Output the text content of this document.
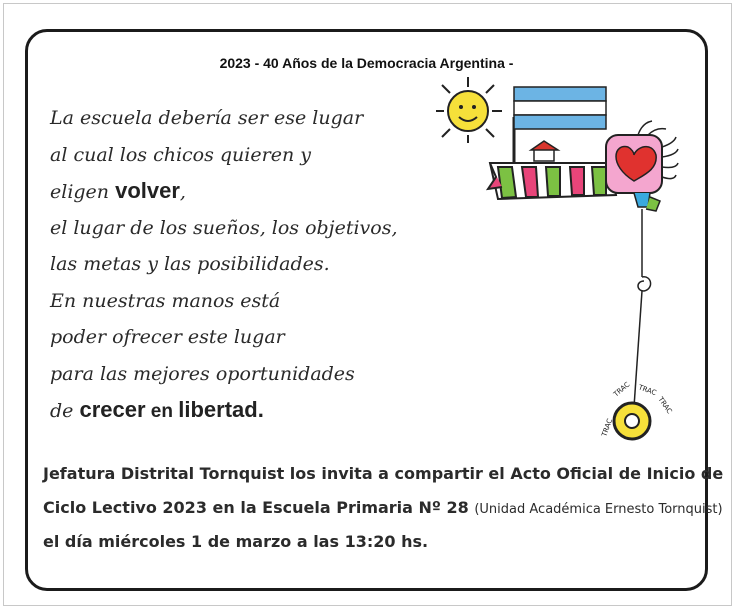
2023 - 40 Años de la Democracia Argentina -
La escuela debería ser ese lugar
al cual los chicos quieren y
eligen volver,
el lugar de los sueños, los objetivos,
las metas y las posibilidades.
En nuestras manos está
poder ofrecer este lugar
para las mejores oportunidades
de crecer en libertad.
TRAC
TRAC TRAC
TRAC
Jefatura Distrital Tornquist los invita a compartir el Acto Oficial de Inicio de
Ciclo Lectivo 2023 en la Escuela Primaria Nº 28 (Unidad Académica Ernesto Tornquist)
el día miércoles 1 de marzo a las 13:20 hs.
